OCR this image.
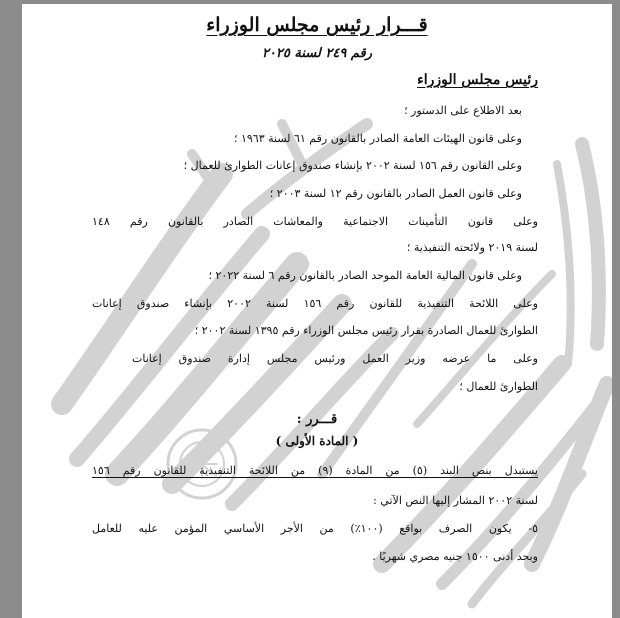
قـــرار رئيس مجلس الوزراء
رقم ٢٤٩ لسنة ٢٠٢٥
رئيس مجلس الوزراء
بعد الاطلاع على الدستور ؛
وعلى قانون الهيئات العامة الصادر بالقانون رقم ٦١ لسنة ١٩٦٣ ؛
وعلى القانون رقم ١٥٦ لسنة ٢٠٠٢ بإنشاء صندوق إعانات الطوارئ للعمال ؛
وعلى قانون العمل الصادر بالقانون رقم ١٢ لسنة ٢٠٠٣ ؛
وعلى قانون التأمينات الاجتماعية والمعاشات الصادر بالقانون رقم ١٤٨
لسنة ٢٠١٩ ولائحته التنفيذية ؛
وعلى قانون المالية العامة الموحد الصادر بالقانون رقم ٦ لسنة ٢٠٢٢ ؛
وعلى اللائحة التنفيذية للقانون رقم ١٥٦ لسنة ٢٠٠٢ بإنشاء صندوق إعانات
الطوارئ للعمال الصادرة بقرار رئيس مجلس الوزراء رقم ١٣٩٥ لسنة ٢٠٠٢ ؛
وعلى ما عرضه وزير العمل ورئيس مجلس إدارة صندوق إعانات
الطوارئ للعمال ؛
قـــرر :
( المادة الأولى )
يستبدل بنص البند (٥) من المادة (٩) من اللائحة التنفيذية للقانون رقم ١٥٦
لسنة ٢٠٠٢ المشار إليها النص الآتي :
٥- يكون الصرف بواقع (١٠٠٪) من الأجر الأساسي المؤمن عليه للعامل
وبحد أدنى ١٥٠٠ جنيه مصري شهريًا .
